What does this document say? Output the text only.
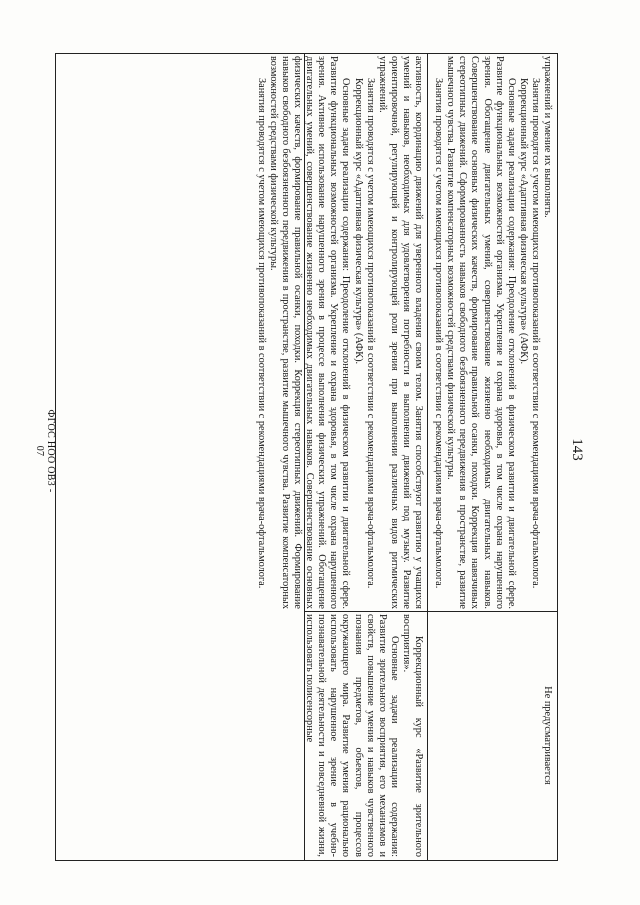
143
ФГОС НОО ОВЗ - 07	активность, координацию движений для уверенного владения своим телом. Занятия способствуют развитию у учащихся умений и навыков, необходимых для удовлетворения потребности в выполнении движений под музыку. Развитие ориентировочной, регулирующей и контролирующей роли зрения при выполнении различных видов ритмических упражнений.

Занятия проводятся с учетом имеющихся противопоказаний в соответствии с рекомендациями врача-офтальмолога.

Коррекционный курс «Адаптивная физическая культура» (АФК).

Основные задачи реализации содержания: Преодоление отклонений в физическом развитии и двигательной сфере. Развитие функциональных возможностей организма. Укрепление и охрана здоровья, в том числе охрана нарушенного зрения. Активное использование нарушенного зрения в процессе выполнения физических упражнений. Обогащение двигательных умений, совершенствование жизненно необходимых двигательных навыков. Совершенствование основных физических качеств, формирование правильной осанки, походки. Коррекция стереотипных движений. Формирование навыков свободного безбоязненного передвижения в пространстве, развитие мышечного чувства. Развитие компенсаторных возможностей средствами физической культуры.

Занятия проводятся с учетом имеющихся противопоказаний в соответствии с рекомендациями врача-офтальмолога.

Коррекционный курс «Развитие зрительного восприятия».

Основные задачи реализации содержания: Развитие зрительного восприятия, его механизмов и свойств, повышение умения и навыков чувственного познания предметов, объектов, процессов окружающего мира. Развитие умения рационально использовать нарушенное зрение в учебно-познавательной деятельности и повседневной жизни, использовать полисенсорные

упражнений и умение их выполнять.

Занятия проводятся с учетом имеющихся противопоказаний в соответствии с рекомендациями врача-офтальмолога.

Коррекционный курс «Адаптивная физическая культура» (АФК).

Основные задачи реализации содержания: Преодоление отклонений в физическом развитии и двигательной сфере. Развитие функциональных возможностей организма. Укрепление и охрана здоровья, в том числе охрана нарушенного зрения. Обогащение двигательных умений, совершенствование жизненно необходимых двигательных навыков. Совершенствование основных физических качеств, формирование правильной осанки, походки. Коррекция навязчивых стереотипных движений. Сформированность навыков свободного безбоязненного передвижения в пространстве, развитие мышечного чувства. Развитие компенсаторных возможностей средствами физической культуры.

Занятия проводятся с учетом имеющихся противопоказаний в соответствии с рекомендациями врача-офтальмолога.

Не предусматривается
